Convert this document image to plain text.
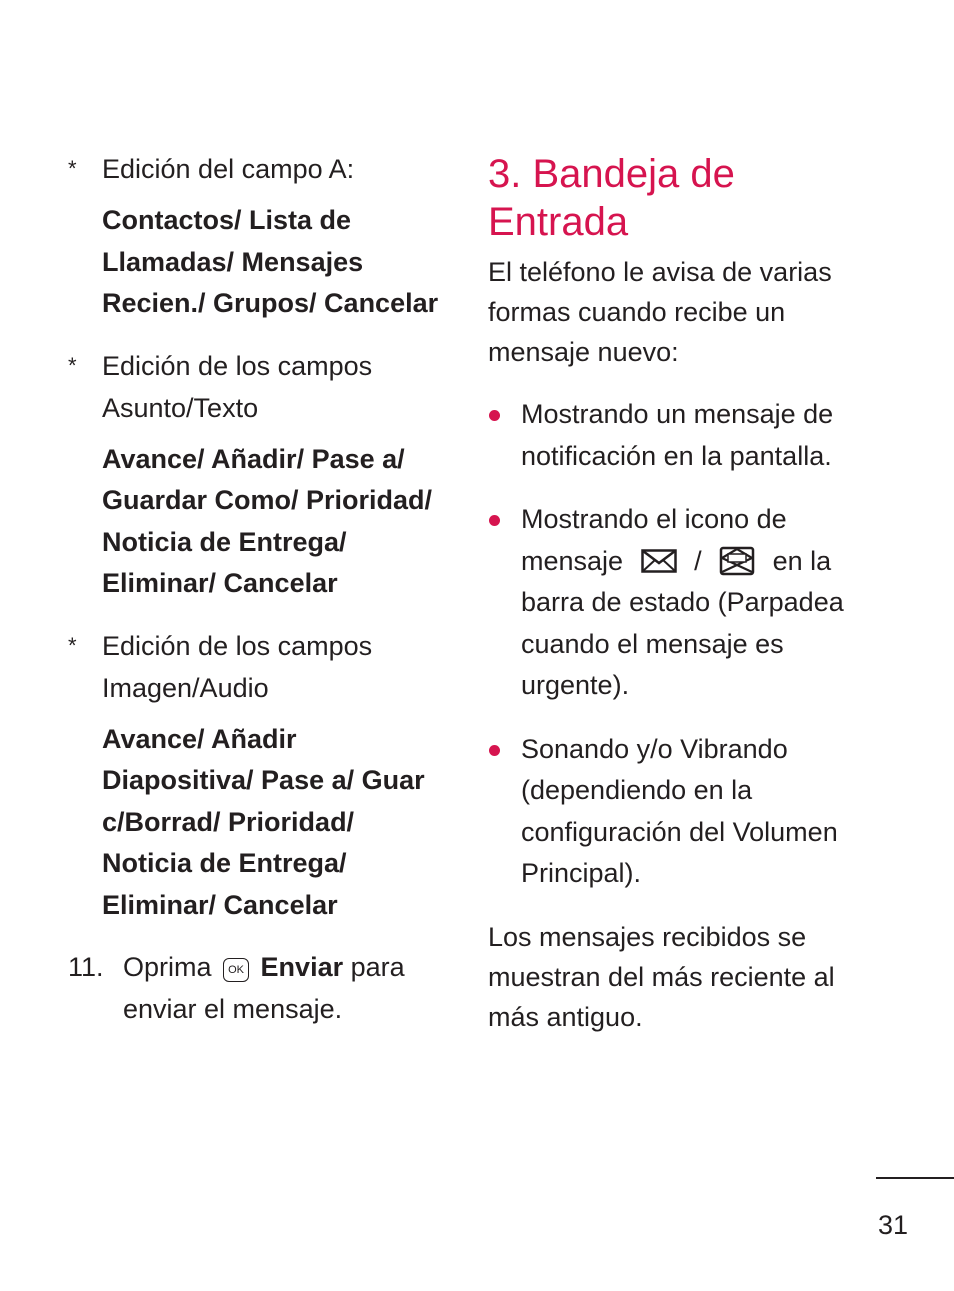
* Edición del campo A:
Contactos/ Lista de
Llamadas/ Mensajes
Recien./ Grupos/ Cancelar
* Edición de los campos
Asunto/Texto
Avance/ Añadir/ Pase a/
Guardar Como/ Prioridad/
Noticia de Entrega/
Eliminar/ Cancelar
* Edición de los campos
Imagen/Audio
Avance/ Añadir
Diapositiva/ Pase a/ Guar
c/Borrad/ Prioridad/
Noticia de Entrega/
Eliminar/ Cancelar
11. Oprima OK Enviar para
enviar el mensaje.
3. Bandeja de Entrada

El teléfono le avisa de varias
formas cuando recibe un
mensaje nuevo:

Mostrando un mensaje de
notificación en la pantalla.
Mostrando el icono de
mensaje	/	en la
barra de estado (Parpadea
cuando el mensaje es
urgente).
Sonando y/o Vibrando
(dependiendo en la
configuración del Volumen
Principal).

Los mensajes recibidos se
muestran del más reciente al
más antiguo.

31
